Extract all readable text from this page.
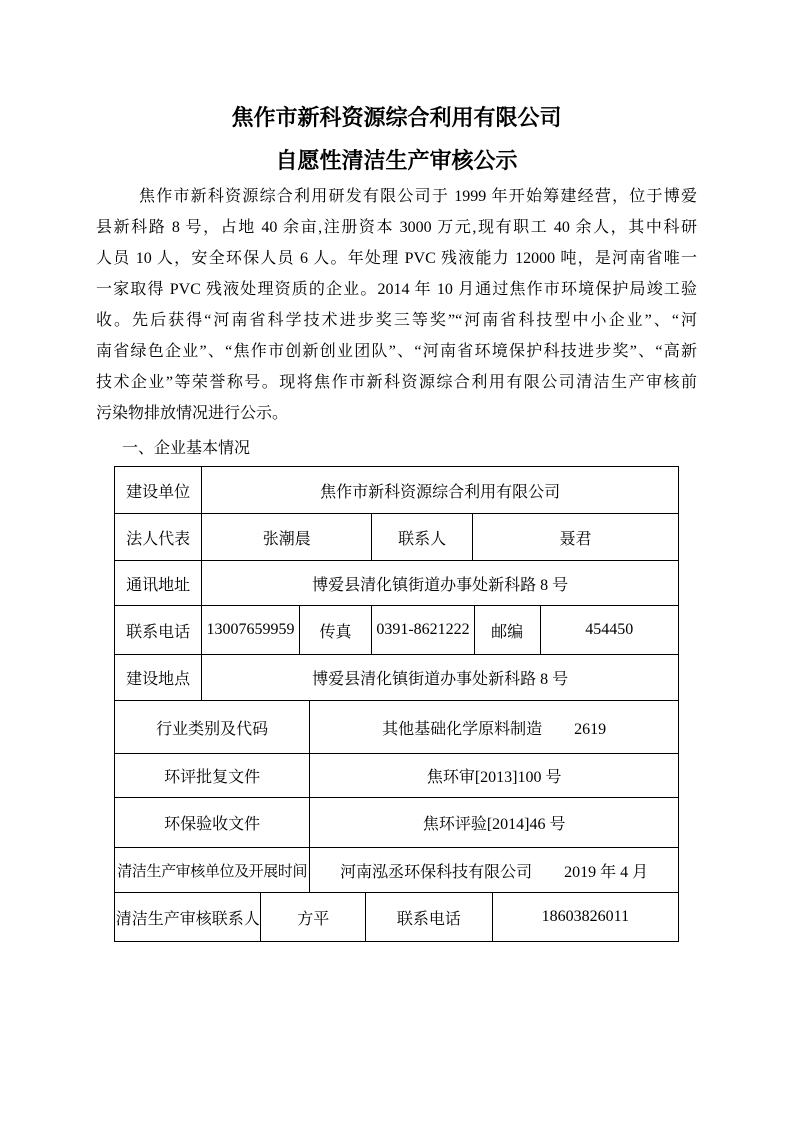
焦作市新科资源综合利用有限公司
自愿性清洁生产审核公示
焦作市新科资源综合利用研发有限公司于 1999 年开始筹建经营，位于博爱
县新科路 8 号，占地 40 余亩,注册资本 3000 万元,现有职工 40 余人，其中科研
人员 10 人，安全环保人员 6 人。年处理 PVC 残液能力 12000 吨，是河南省唯一
一家取得 PVC 残液处理资质的企业。2014 年 10 月通过焦作市环境保护局竣工验
收。先后获得“河南省科学技术进步奖三等奖”“河南省科技型中小企业”、“河
南省绿色企业”、“焦作市创新创业团队”、“河南省环境保护科技进步奖”、“高新
技术企业”等荣誉称号。现将焦作市新科资源综合利用有限公司清洁生产审核前
污染物排放情况进行公示。
一、企业基本情况
建设单位	焦作市新科资源综合利用有限公司
法人代表	张潮晨	联系人	聂君
通讯地址	博爱县清化镇街道办事处新科路 8 号
联系电话	13007659959	传真	0391-8621222	邮编	454450
建设地点	博爱县清化镇街道办事处新科路 8 号
行业类别及代码	其他基础化学原料制造　　2619
环评批复文件	焦环审[2013]100 号
环保验收文件	焦环评验[2014]46 号
清洁生产审核单位及开展时间	河南泓丞环保科技有限公司　　2019 年 4 月
清洁生产审核联系人	方平	联系电话	18603826011
